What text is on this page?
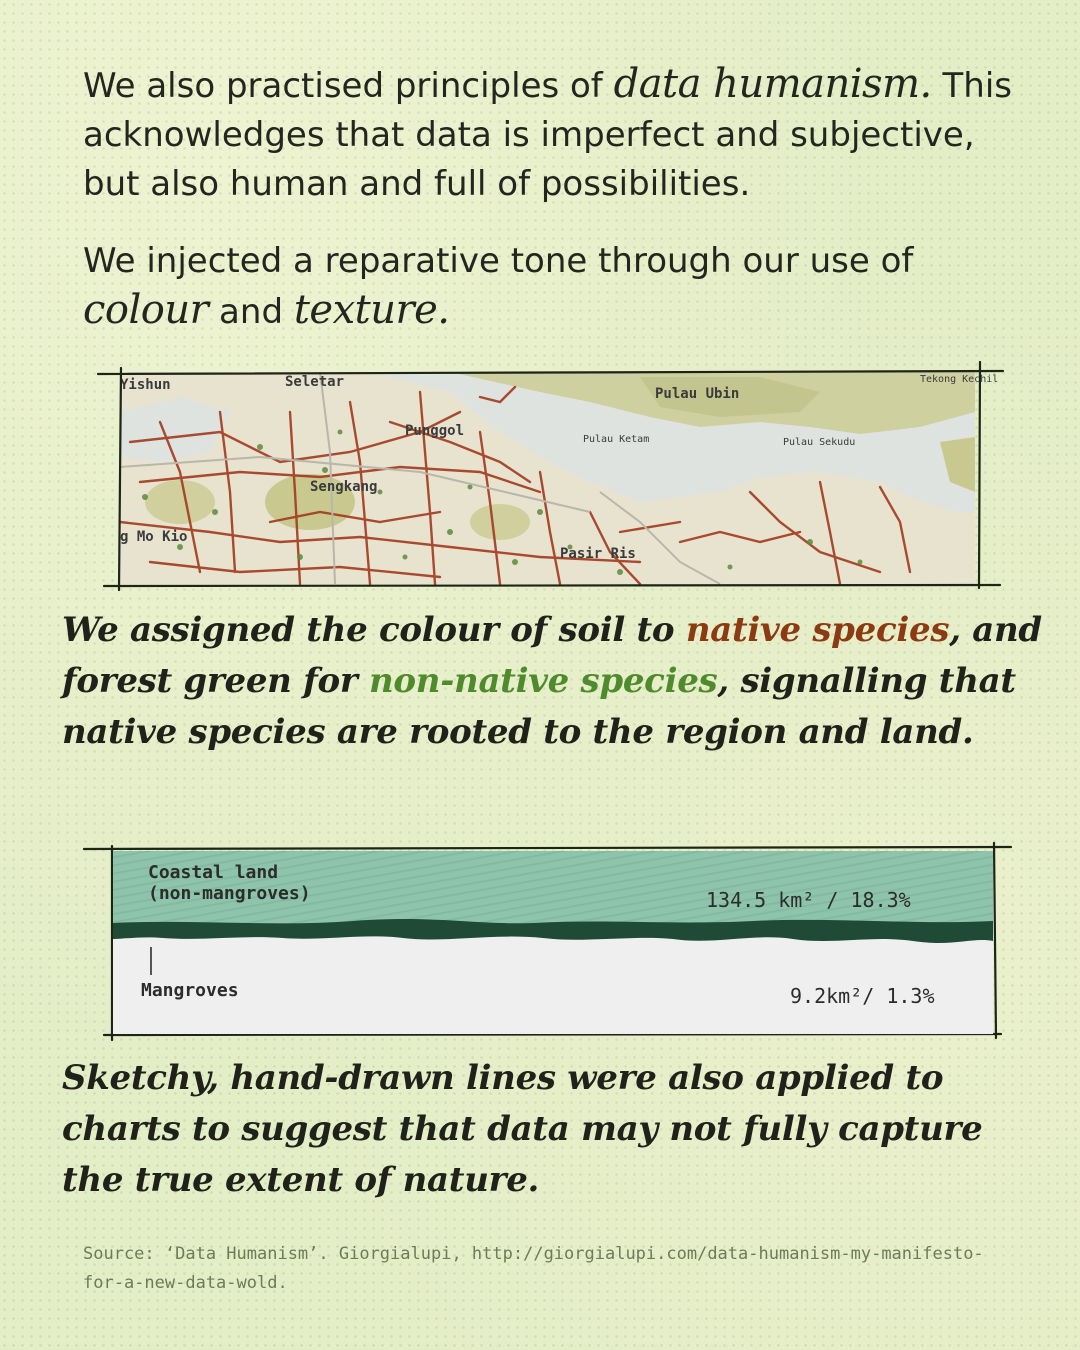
We also practised principles of data humanism. This acknowledges that data is imperfect and subjective, but also human and full of possibilities.

We injected a reparative tone through our use of colour and texture.

Yishun	Seletar
Pulau Ubin
Tekong Kechil
Punggol
Pulau Ketam	Pulau Sekudu
Sengkang
g Mo Kio
Pasir Ris
We assigned the colour of soil to native species, and forest green for non-native species, signalling that native species are rooted to the region and land.
Coastal land
(non-mangroves)	134.5 km² / 18.3%
Mangroves	9.2km²/ 1.3%
Sketchy, hand-drawn lines were also applied to charts to suggest that data may not fully capture the true extent of nature.
Source: ‘Data Humanism’. Giorgialupi, http://giorgialupi.com/data-humanism-my-manifesto-for-a-new-data-wold.
